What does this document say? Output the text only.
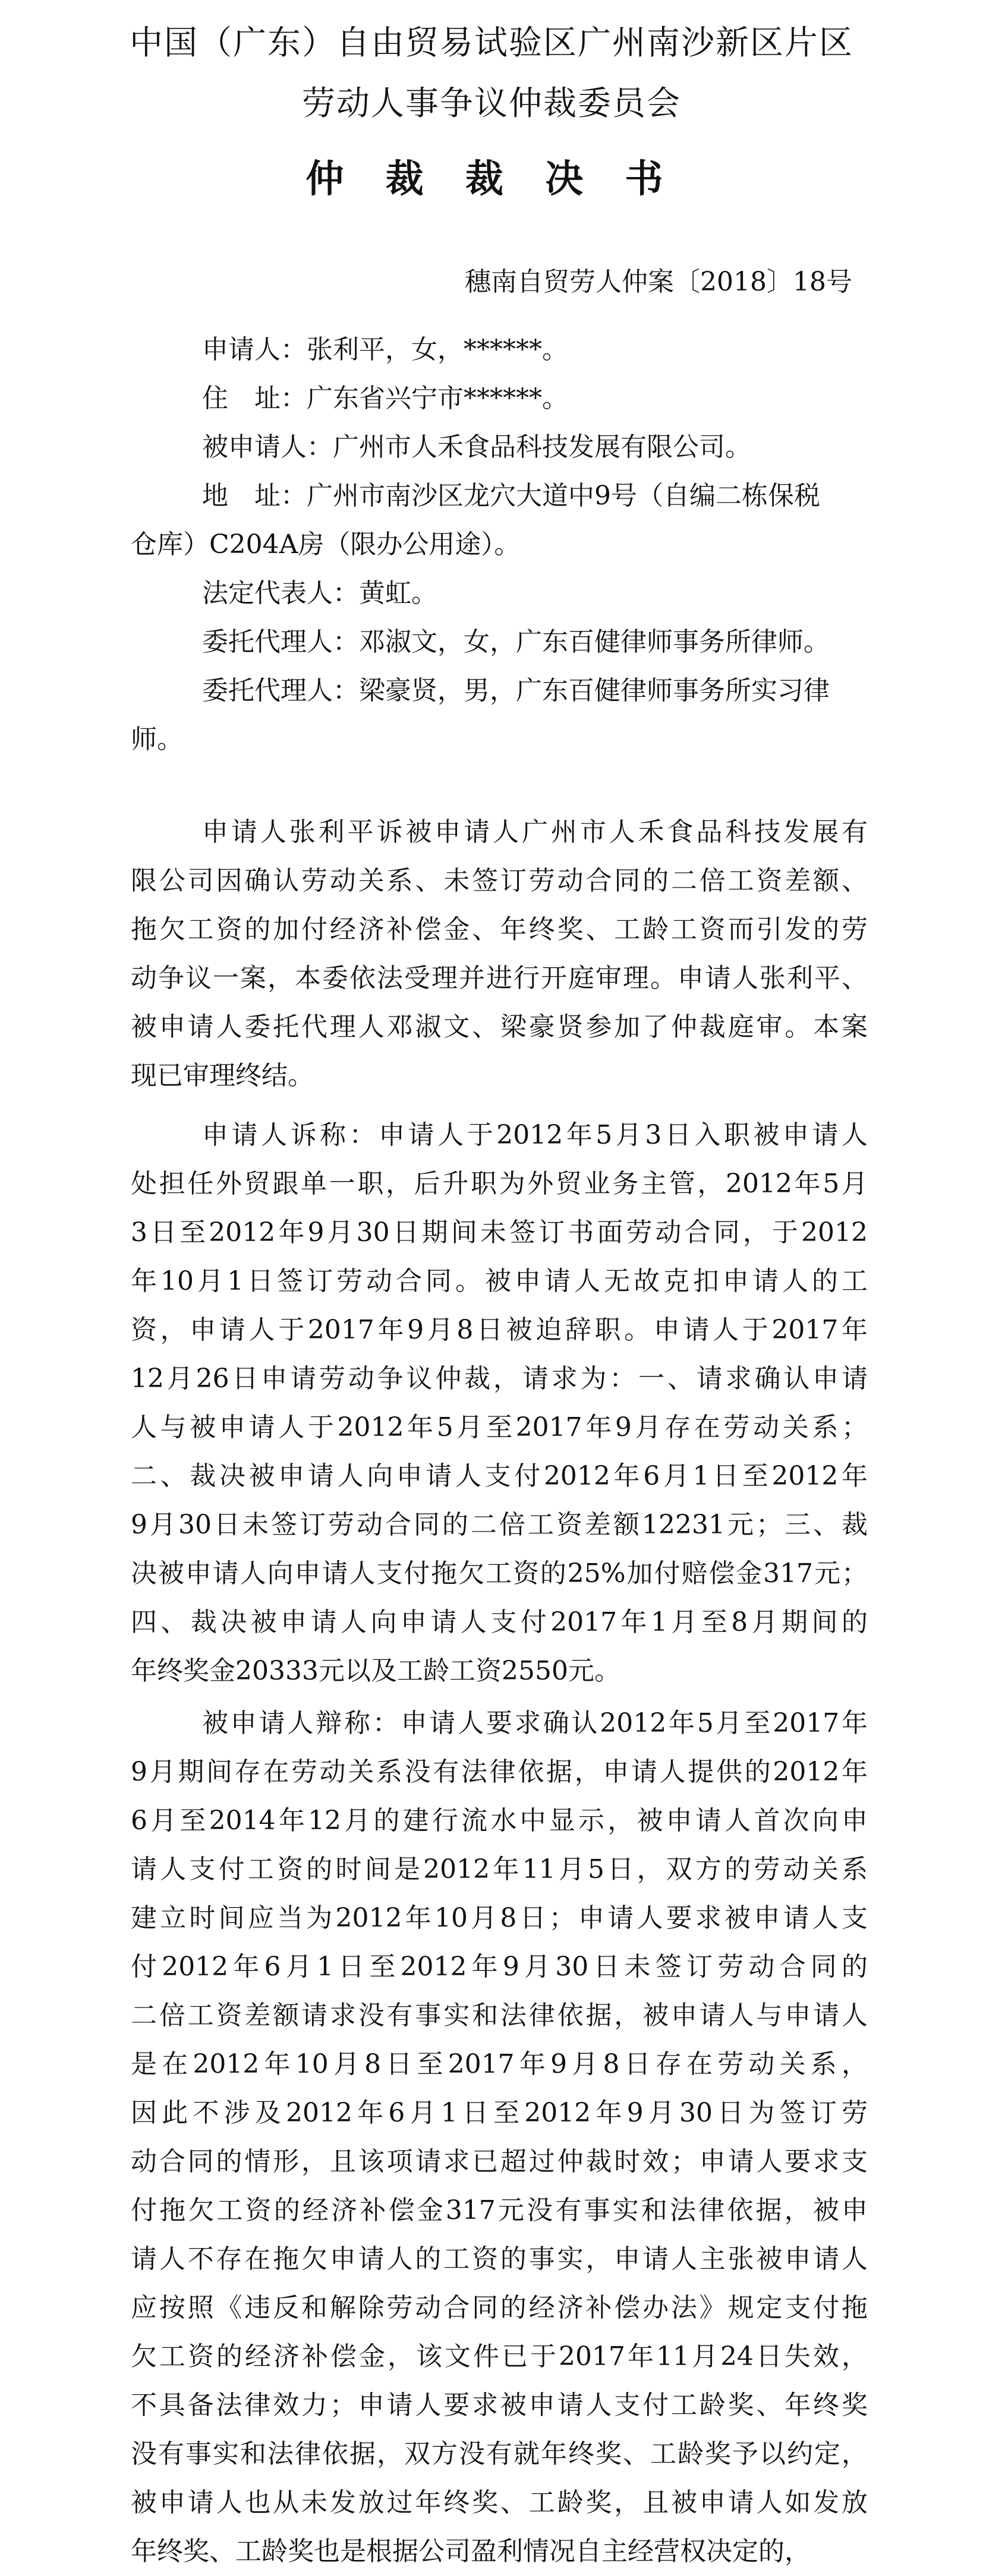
中国（广东）自由贸易试验区广州南沙新区片区
劳动人事争议仲裁委员会
仲 裁 裁 决 书
穗南自贸劳人仲案〔2018〕18号
申请人：张利平，女，******。
住　址：广东省兴宁市******。
被申请人：广州市人禾食品科技发展有限公司。
地　址：广州市南沙区龙穴大道中9号（自编二栋保税
仓库）C204A房（限办公用途）。
法定代表人：黄虹。
委托代理人：邓淑文，女，广东百健律师事务所律师。
委托代理人：梁豪贤，男，广东百健律师事务所实习律
师。
申请人张利平诉被申请人广州市人禾食品科技发展有
限公司因确认劳动关系、未签订劳动合同的二倍工资差额、
拖欠工资的加付经济补偿金、年终奖、工龄工资而引发的劳
动争议一案，本委依法受理并进行开庭审理。申请人张利平、
被申请人委托代理人邓淑文、梁豪贤参加了仲裁庭审。本案
现已审理终结。
申请人诉称：申请人于2012年5月3日入职被申请人
处担任外贸跟单一职，后升职为外贸业务主管，2012年5月
3日至2012年9月30日期间未签订书面劳动合同，于2012
年10月1日签订劳动合同。被申请人无故克扣申请人的工
资，申请人于2017年9月8日被迫辞职。申请人于2017年
12月26日申请劳动争议仲裁，请求为：一、请求确认申请
人与被申请人于2012年5月至2017年9月存在劳动关系；
二、裁决被申请人向申请人支付2012年6月1日至2012年
9月30日未签订劳动合同的二倍工资差额12231元；三、裁
决被申请人向申请人支付拖欠工资的25%加付赔偿金317元；
四、裁决被申请人向申请人支付2017年1月至8月期间的
年终奖金20333元以及工龄工资2550元。
被申请人辩称：申请人要求确认2012年5月至2017年
9月期间存在劳动关系没有法律依据，申请人提供的2012年
6月至2014年12月的建行流水中显示，被申请人首次向申
请人支付工资的时间是2012年11月5日，双方的劳动关系
建立时间应当为2012年10月8日；申请人要求被申请人支
付2012年6月1日至2012年9月30日未签订劳动合同的
二倍工资差额请求没有事实和法律依据，被申请人与申请人
是在2012年10月8日至2017年9月8日存在劳动关系，
因此不涉及2012年6月1日至2012年9月30日为签订劳
动合同的情形，且该项请求已超过仲裁时效；申请人要求支
付拖欠工资的经济补偿金317元没有事实和法律依据，被申
请人不存在拖欠申请人的工资的事实，申请人主张被申请人
应按照《违反和解除劳动合同的经济补偿办法》规定支付拖
欠工资的经济补偿金，该文件已于2017年11月24日失效，
不具备法律效力；申请人要求被申请人支付工龄奖、年终奖
没有事实和法律依据，双方没有就年终奖、工龄奖予以约定，
被申请人也从未发放过年终奖、工龄奖，且被申请人如发放
年终奖、工龄奖也是根据公司盈利情况自主经营权决定的，
